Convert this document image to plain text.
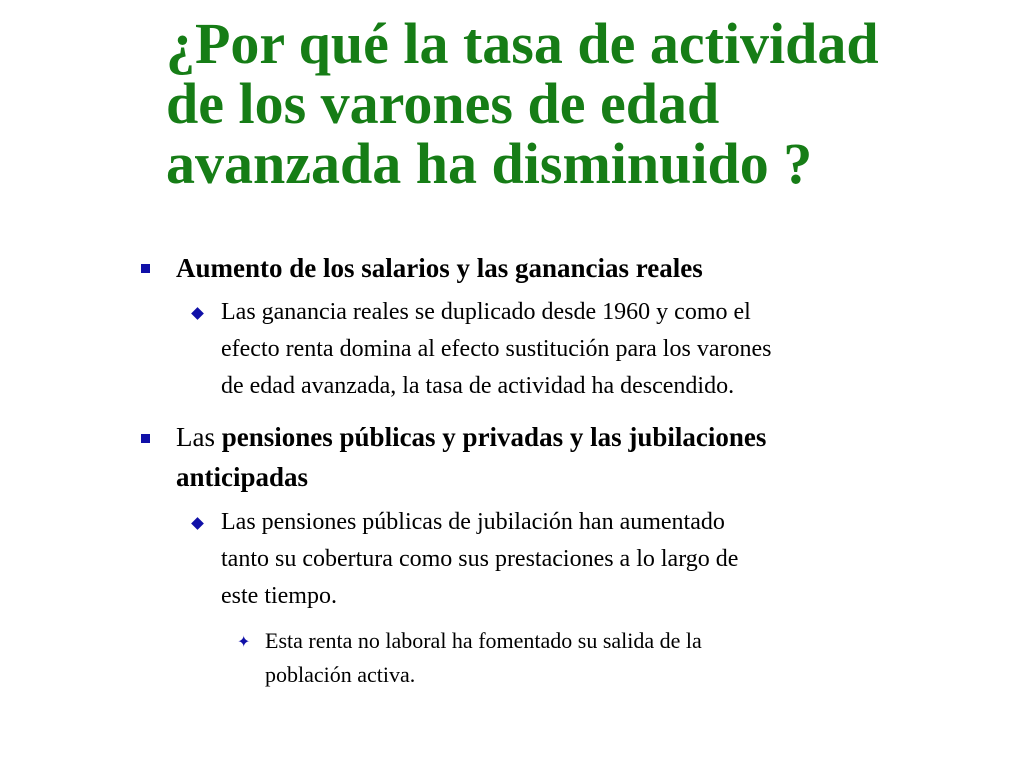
¿Por qué la tasa de actividad
de los varones de edad
avanzada ha disminuido ?
Aumento de los salarios y las ganancias reales
Las ganancia reales se duplicado desde 1960 y como el
efecto renta domina al efecto sustitución para los varones
de edad avanzada, la tasa de actividad ha descendido.
Las pensiones públicas y privadas y las jubilaciones
anticipadas
Las pensiones públicas de jubilación han aumentado
tanto su cobertura como sus prestaciones a lo largo de
este tiempo.
✦ Esta renta no laboral ha fomentado su salida de la
población activa.
